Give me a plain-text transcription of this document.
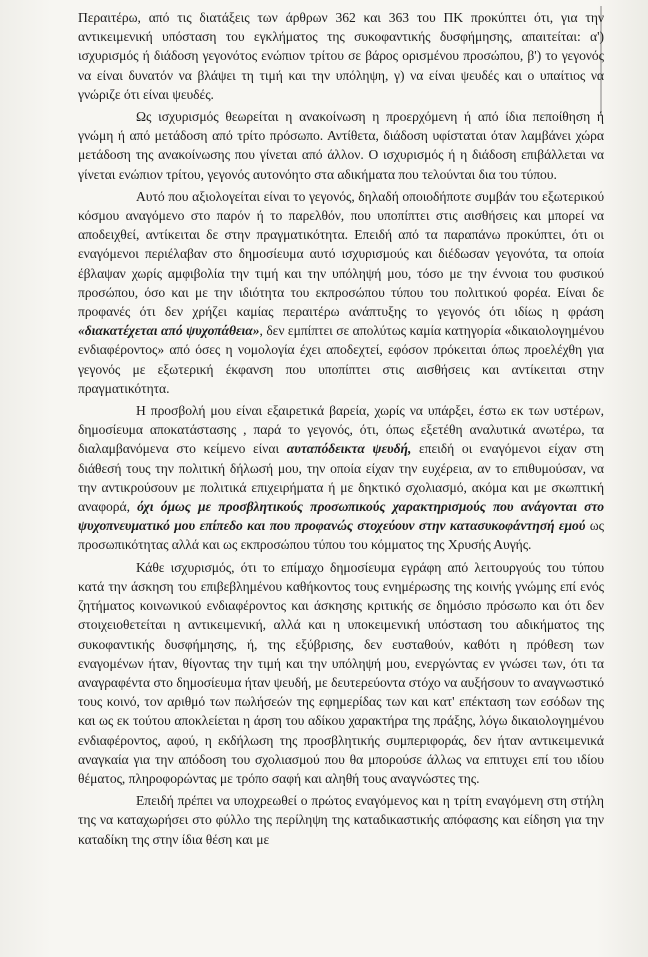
Περαιτέρω, από τις διατάξεις των άρθρων 362 και 363 του ΠΚ προκύπτει ότι, για την αντικειμενική υπόσταση του εγκλήματος της συκοφαντικής δυσφήμησης, απαιτείται: α') ισχυρισμός ή διάδοση γεγονότος ενώπιον τρίτου σε βάρος ορισμένου προσώπου, β') το γεγονός να είναι δυνατόν να βλάψει τη τιμή και την υπόληψη, γ) να είναι ψευδές και ο υπαίτιος να γνώριζε ότι είναι ψευδές.

Ως ισχυρισμός θεωρείται η ανακοίνωση η προερχόμενη ή από ίδια πεποίθηση ή γνώμη ή από μετάδοση από τρίτο πρόσωπο. Αντίθετα, διάδοση υφίσταται όταν λαμβάνει χώρα μετάδοση της ανακοίνωσης που γίνεται από άλλον. Ο ισχυρισμός ή η διάδοση επιβάλλεται να γίνεται ενώπιον τρίτου, γεγονός αυτονόητο στα αδικήματα που τελούνται δια του τύπου.

Αυτό που αξιολογείται είναι το γεγονός, δηλαδή οποιοδήποτε συμβάν του εξωτερικού κόσμου αναγόμενο στο παρόν ή το παρελθόν, που υποπίπτει στις αισθήσεις και μπορεί να αποδειχθεί, αντίκειται δε στην πραγματικότητα. Επειδή από τα παραπάνω προκύπτει, ότι οι εναγόμενοι περιέλαβαν στο δημοσίευμα αυτό ισχυρισμούς και διέδωσαν γεγονότα, τα οποία έβλαψαν χωρίς αμφιβολία την τιμή και την υπόληψή μου, τόσο με την έννοια του φυσικού προσώπου, όσο και με την ιδιότητα του εκπροσώπου τύπου του πολιτικού φορέα. Είναι δε προφανές ότι δεν χρήζει καμίας περαιτέρω ανάπτυξης το γεγονός ότι ιδίως η φράση «διακατέχεται από ψυχοπάθεια», δεν εμπίπτει σε απολύτως καμία κατηγορία «δικαιολογημένου ενδιαφέροντος» από όσες η νομολογία έχει αποδεχτεί, εφόσον πρόκειται όπως προελέχθη για γεγονός με εξωτερική έκφανση που υποπίπτει στις αισθήσεις και αντίκειται στην πραγματικότητα.

Η προσβολή μου είναι εξαιρετικά βαρεία, χωρίς να υπάρξει, έστω εκ των υστέρων, δημοσίευμα αποκατάστασης , παρά το γεγονός, ότι, όπως εξετέθη αναλυτικά ανωτέρω, τα διαλαμβανόμενα στο κείμενο είναι αυταπόδεικτα ψευδή, επειδή οι εναγόμενοι είχαν στη διάθεσή τους την πολιτική δήλωσή μου, την οποία είχαν την ευχέρεια, αν το επιθυμούσαν, να την αντικρούσουν με πολιτικά επιχειρήματα ή με δηκτικό σχολιασμό, ακόμα και με σκωπτική αναφορά, όχι όμως με προσβλητικούς προσωπικούς χαρακτηρισμούς που ανάγονται στο ψυχοπνευματικό μου επίπεδο και που προφανώς στοχεύουν στην κατασυκοφάντησή εμού ως προσωπικότητας αλλά και ως εκπροσώπου τύπου του κόμματος της Χρυσής Αυγής.

Κάθε ισχυρισμός, ότι το επίμαχο δημοσίευμα εγράφη από λειτουργούς του τύπου κατά την άσκηση του επιβεβλημένου καθήκοντος τους ενημέρωσης της κοινής γνώμης επί ενός ζητήματος κοινωνικού ενδιαφέροντος και άσκησης κριτικής σε δημόσιο πρόσωπο και ότι δεν στοιχειοθετείται η αντικειμενική, αλλά και η υποκειμενική υπόσταση του αδικήματος της συκοφαντικής δυσφήμησης, ή, της εξύβρισης, δεν ευσταθούν, καθότι η πρόθεση των εναγομένων ήταν, θίγοντας την τιμή και την υπόληψή μου, ενεργώντας εν γνώσει των, ότι τα αναγραφέντα στο δημοσίευμα ήταν ψευδή, με δευτερεύοντα στόχο να αυξήσουν το αναγνωστικό τους κοινό, τον αριθμό των πωλήσεών της εφημερίδας των και κατ' επέκταση των εσόδων της και ως εκ τούτου αποκλείεται η άρση του αδίκου χαρακτήρα της πράξης, λόγω δικαιολογημένου ενδιαφέροντος, αφού, η εκδήλωση της προσβλητικής συμπεριφοράς, δεν ήταν αντικειμενικά αναγκαία για την απόδοση του σχολιασμού που θα μπορούσε άλλως να επιτυχει επί του ιδίου θέματος, πληροφορώντας με τρόπο σαφή και αληθή τους αναγνώστες της.

Επειδή πρέπει να υποχρεωθεί ο πρώτος εναγόμενος και η τρίτη εναγόμενη στη στήλη της να καταχωρήσει στο φύλλο της περίληψη της καταδικαστικής απόφασης και είδηση για την καταδίκη της στην ίδια θέση και με
